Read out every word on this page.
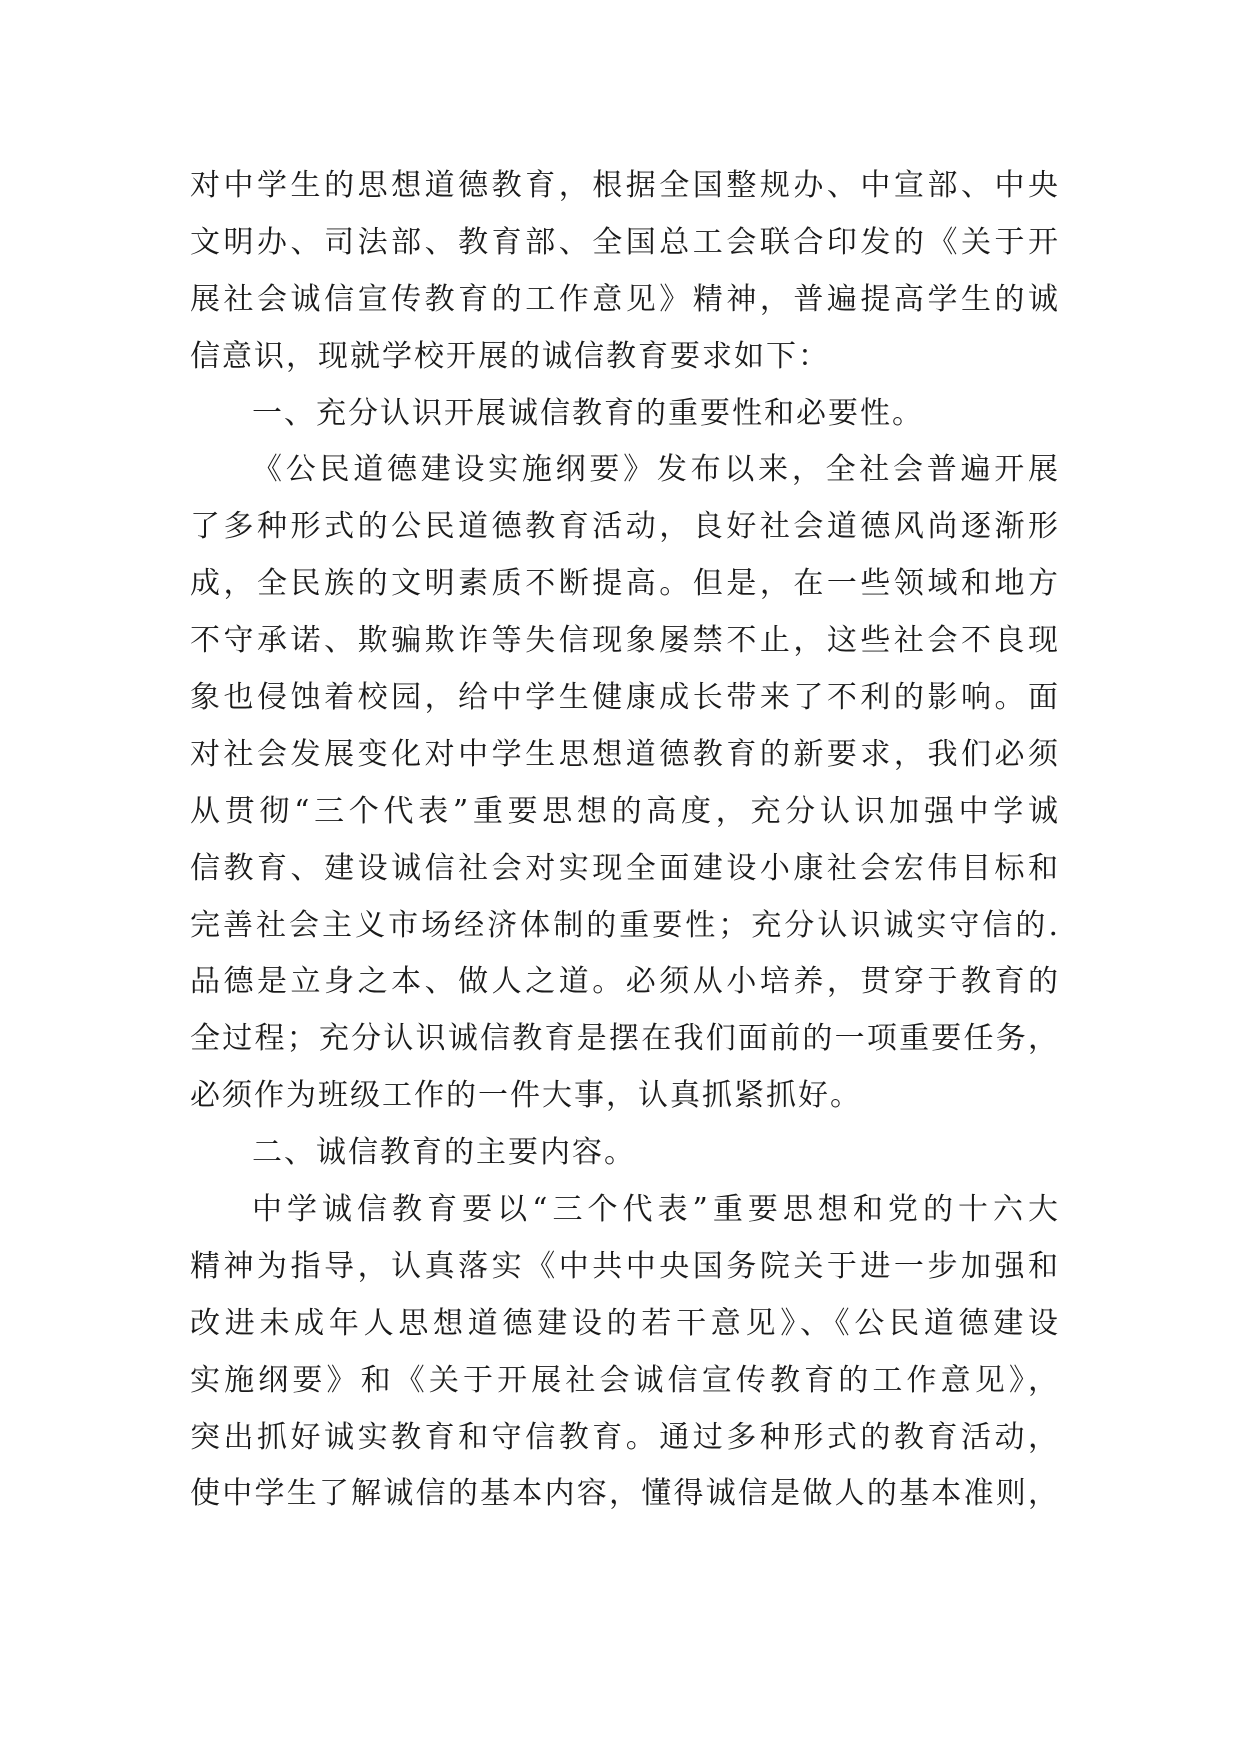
对中学生的思想道德教育，根据全国整规办、中宣部、中央
文明办、司法部、教育部、全国总工会联合印发的《关于开
展社会诚信宣传教育的工作意见》精神，普遍提高学生的诚
信意识，现就学校开展的诚信教育要求如下：
一、充分认识开展诚信教育的重要性和必要性。
《公民道德建设实施纲要》发布以来，全社会普遍开展
了多种形式的公民道德教育活动，良好社会道德风尚逐渐形
成，全民族的文明素质不断提高。但是，在一些领域和地方
不守承诺、欺骗欺诈等失信现象屡禁不止，这些社会不良现
象也侵蚀着校园，给中学生健康成长带来了不利的影响。面
对社会发展变化对中学生思想道德教育的新要求，我们必须
从贯彻“三个代表”重要思想的高度，充分认识加强中学诚
信教育、建设诚信社会对实现全面建设小康社会宏伟目标和
完善社会主义市场经济体制的重要性；充分认识诚实守信的.
品德是立身之本、做人之道。必须从小培养，贯穿于教育的
全过程；充分认识诚信教育是摆在我们面前的一项重要任务，
必须作为班级工作的一件大事，认真抓紧抓好。
二、诚信教育的主要内容。
中学诚信教育要以“三个代表”重要思想和党的十六大
精神为指导，认真落实《中共中央国务院关于进一步加强和
改进未成年人思想道德建设的若干意见》、《公民道德建设
实施纲要》和《关于开展社会诚信宣传教育的工作意见》，
突出抓好诚实教育和守信教育。通过多种形式的教育活动，
使中学生了解诚信的基本内容，懂得诚信是做人的基本准则，
